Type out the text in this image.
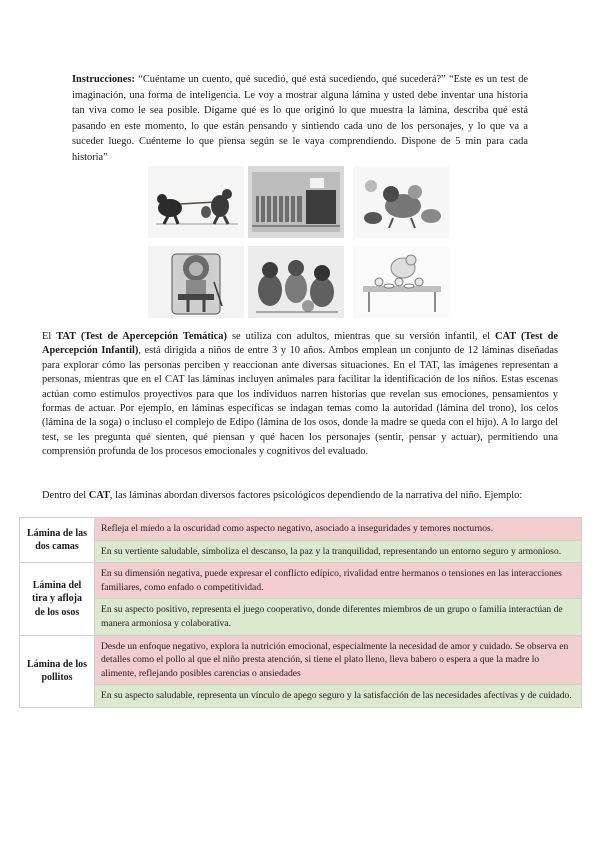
Instrucciones: “Cuéntame un cuento, qué sucedió, qué está sucediendo, qué sucederá?” “Este es un test de imaginación, una forma de inteligencia. Le voy a mostrar alguna lámina y usted debe inventar una historia tan viva como le sea posible. Dígame qué es lo que originó lo que muestra la lámina, describa qué está pasando en este momento, lo que están pensando y sintiendo cada uno de los personajes, y lo que va a suceder luego. Cuénteme lo que piensa según se le vaya comprendiendo. Dispone de 5 min para cada historia”

El TAT (Test de Apercepción Temática) se utiliza con adultos, mientras que su versión infantil, el CAT (Test de Apercepción Infantil), está dirigida a niños de entre 3 y 10 años. Ambos emplean un conjunto de 12 láminas diseñadas para explorar cómo las personas perciben y reaccionan ante diversas situaciones. En el TAT, las imágenes representan a personas, mientras que en el CAT las láminas incluyen animales para facilitar la identificación de los niños. Estas escenas actúan como estímulos proyectivos para que los individuos narren historias que revelan sus emociones, pensamientos y formas de actuar. Por ejemplo, en láminas específicas se indagan temas como la autoridad (lámina del trono), los celos (lámina de la soga) o incluso el complejo de Edipo (lámina de los osos, donde la madre se queda con el hijo). A lo largo del test, se les pregunta qué sienten, qué piensan y qué hacen los personajes (sentir, pensar y actuar), permitiendo una comprensión profunda de los procesos emocionales y cognitivos del evaluado.

Dentro del CAT, las láminas abordan diversos factores psicológicos dependiendo de la narrativa del niño. Ejemplo:

Lámina de las dos camas	Refleja el miedo a la oscuridad como aspecto negativo, asociado a inseguridades y temores nocturnos.
	En su vertiente saludable, simboliza el descanso, la paz y la tranquilidad, representando un entorno seguro y armonioso.
Lámina del tira y afloja de los osos	En su dimensión negativa, puede expresar el conflicto edípico, rivalidad entre hermanos o tensiones en las interacciones familiares, como enfado o competitividad.
	En su aspecto positivo, representa el juego cooperativo, donde diferentes miembros de un grupo o familia interactúan de manera armoniosa y colaborativa.
Lámina de los pollitos	Desde un enfoque negativo, explora la nutrición emocional, especialmente la necesidad de amor y cuidado. Se observa en detalles como el pollo al que el niño presta atención, si tiene el plato lleno, lleva babero o espera a que la madre lo alimente, reflejando posibles carencias o ansiedades
	En su aspecto saludable, representa un vínculo de apego seguro y la satisfacción de las necesidades afectivas y de cuidado.
